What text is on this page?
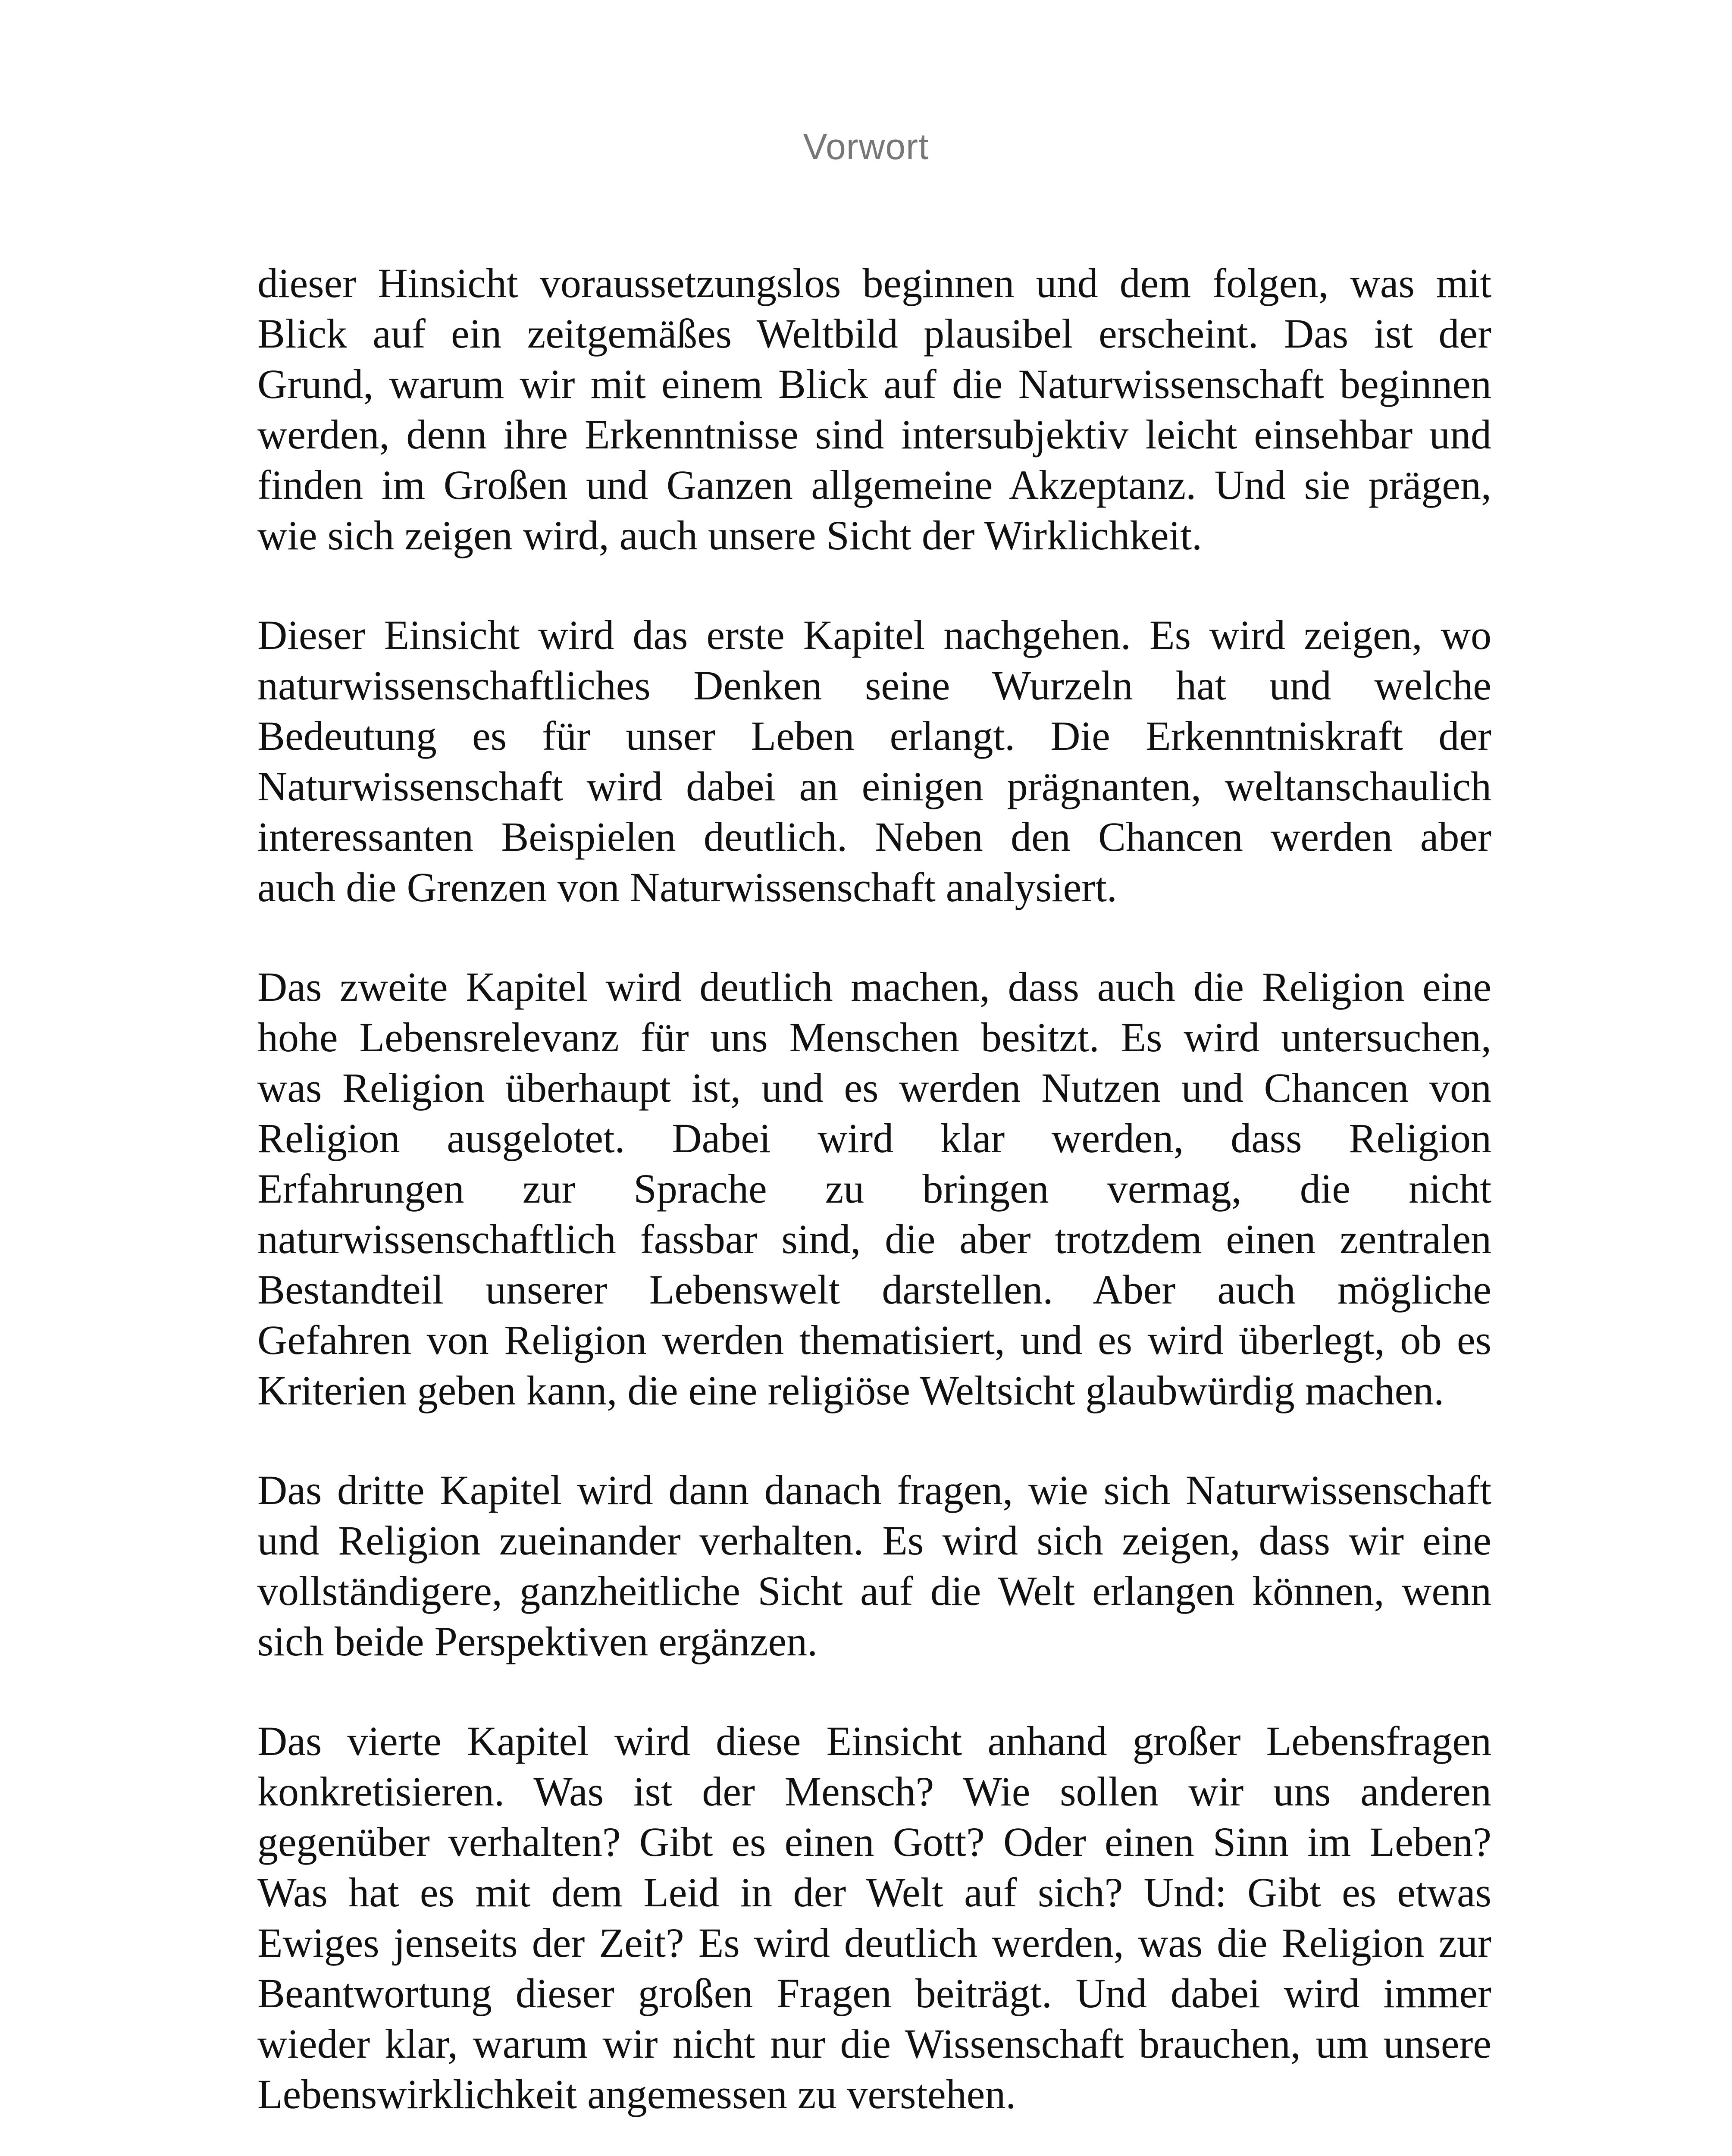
Vorwort

dieser Hinsicht voraussetzungslos beginnen und dem folgen, was mit
Blick auf ein zeitgemäßes Weltbild plausibel erscheint. Das ist der
Grund, warum wir mit einem Blick auf die Naturwissenschaft beginnen
werden, denn ihre Erkenntnisse sind intersubjektiv leicht einsehbar und
finden im Großen und Ganzen allgemeine Akzeptanz. Und sie prägen,
wie sich zeigen wird, auch unsere Sicht der Wirklichkeit.

Dieser Einsicht wird das erste Kapitel nachgehen. Es wird zeigen, wo
naturwissenschaftliches Denken seine Wurzeln hat und welche
Bedeutung es für unser Leben erlangt. Die Erkenntniskraft der
Naturwissenschaft wird dabei an einigen prägnanten, weltanschaulich
interessanten Beispielen deutlich. Neben den Chancen werden aber
auch die Grenzen von Naturwissenschaft analysiert.

Das zweite Kapitel wird deutlich machen, dass auch die Religion eine
hohe Lebensrelevanz für uns Menschen besitzt. Es wird untersuchen,
was Religion überhaupt ist, und es werden Nutzen und Chancen von
Religion ausgelotet. Dabei wird klar werden, dass Religion
Erfahrungen zur Sprache zu bringen vermag, die nicht
naturwissenschaftlich fassbar sind, die aber trotzdem einen zentralen
Bestandteil unserer Lebenswelt darstellen. Aber auch mögliche
Gefahren von Religion werden thematisiert, und es wird überlegt, ob es
Kriterien geben kann, die eine religiöse Weltsicht glaubwürdig machen.

Das dritte Kapitel wird dann danach fragen, wie sich Naturwissenschaft
und Religion zueinander verhalten. Es wird sich zeigen, dass wir eine
vollständigere, ganzheitliche Sicht auf die Welt erlangen können, wenn
sich beide Perspektiven ergänzen.

Das vierte Kapitel wird diese Einsicht anhand großer Lebensfragen
konkretisieren. Was ist der Mensch? Wie sollen wir uns anderen
gegenüber verhalten? Gibt es einen Gott? Oder einen Sinn im Leben?
Was hat es mit dem Leid in der Welt auf sich? Und: Gibt es etwas
Ewiges jenseits der Zeit? Es wird deutlich werden, was die Religion zur
Beantwortung dieser großen Fragen beiträgt. Und dabei wird immer
wieder klar, warum wir nicht nur die Wissenschaft brauchen, um unsere
Lebenswirklichkeit angemessen zu verstehen.
